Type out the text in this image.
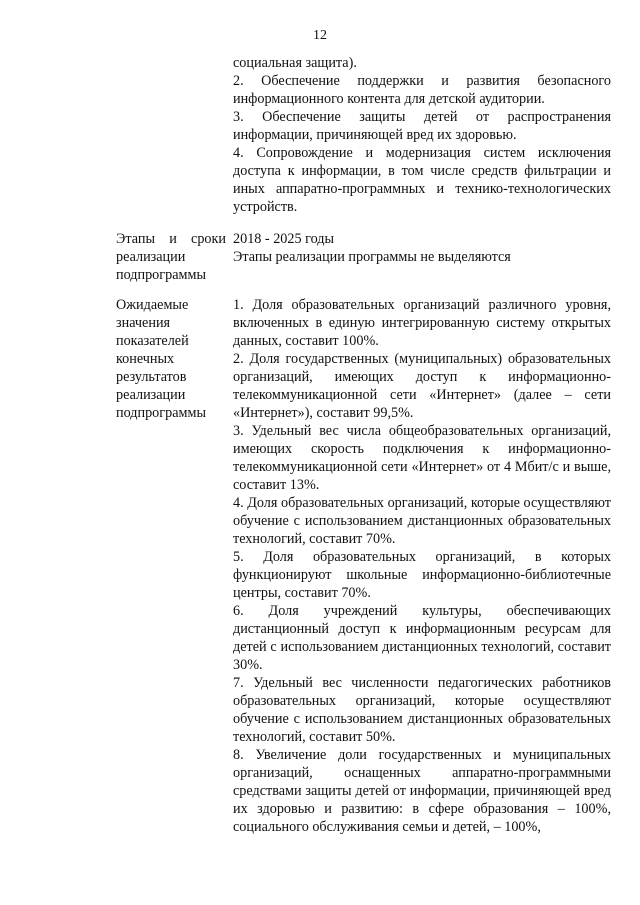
12

социальная защита).

2. Обеспечение поддержки и развития безопасного информационного контента для детской аудитории.

3. Обеспечение защиты детей от распространения информации, причиняющей вред их здоровью.

4. Сопровождение и модернизация систем исключения доступа к информации, в том числе средств фильтрации и иных аппаратно-программных и технико-технологических устройств.

Этапы и сроки реализации подпрограммы

2018 - 2025 годы

Этапы реализации программы не выделяются

Ожидаемые значения показателей конечных результатов реализации подпрограммы

1. Доля образовательных организаций различного уровня, включенных в единую интегрированную систему открытых данных, составит 100%.

2. Доля государственных (муниципальных) образовательных организаций, имеющих доступ к информационно-телекоммуникационной сети «Интернет» (далее – сети «Интернет»), составит 99,5%.

3. Удельный вес числа общеобразовательных организаций, имеющих скорость подключения к информационно-телекоммуникационной сети «Интернет» от 4 Мбит/с и выше, составит 13%.

4. Доля образовательных организаций, которые осуществляют обучение с использованием дистанционных образовательных технологий, составит 70%.

5. Доля образовательных организаций, в которых функционируют школьные информационно-библиотечные центры, составит 70%.

6. Доля учреждений культуры, обеспечивающих дистанционный доступ к информационным ресурсам для детей с использованием дистанционных технологий, составит 30%.

7. Удельный вес численности педагогических работников образовательных организаций, которые осуществляют обучение с использованием дистанционных образовательных технологий, составит 50%.

8. Увеличение доли государственных и муниципальных организаций, оснащенных аппаратно-программными средствами защиты детей от информации, причиняющей вред их здоровью и развитию: в сфере образования – 100%, социального обслуживания семьи и детей, – 100%,
